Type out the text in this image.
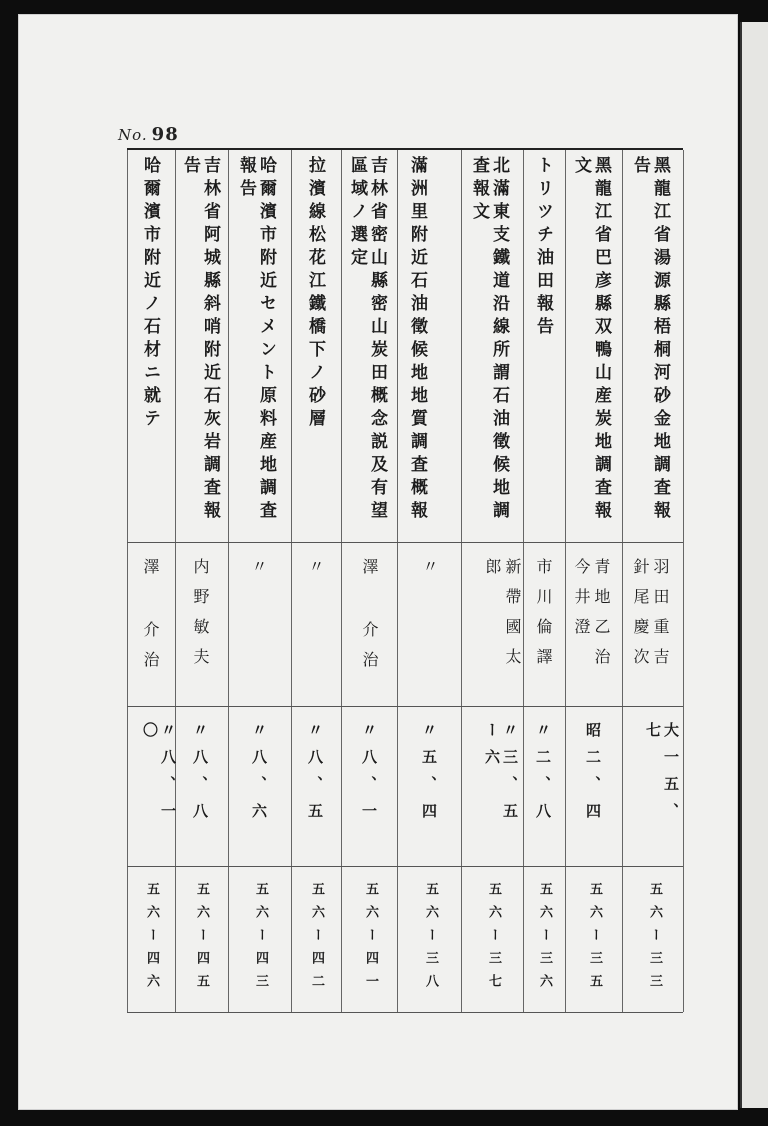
No. 98
哈爾濱市附近ノ石材ニ就テ
澤 介治
〃八、一〇
五六ー四六
吉林省阿城縣斜哨附近石灰岩調査報告
内野敏夫
〃八、八
五六ー四五
哈爾濱市附近セメント原料産地調査報告
〃
〃八、六
五六ー四三
拉濱線松花江鐵橋下ノ砂層
〃
〃八、五
五六ー四二
吉林省密山縣密山炭田概念説及有望區域ノ選定
澤 介治
〃八、一
五六ー四一
滿洲里附近石油徵候地地質調査概報
〃
〃五、四
五六ー三八
北滿東支鐵道沿線所謂石油徵候地調査報文
新帶國太郎
〃三、五ー六
五六ー三七
トリツチ油田報告
市川倫譯
〃二、八
五六ー三六
黑龍江省巴彦縣双鴨山産炭地調査報文
青地乙治 今井澄
昭二、四
五六ー三五
黑龍江省湯源縣梧桐河砂金地調査報告
羽田重吉 針尾慶次
大一五、七
五六ー三三
